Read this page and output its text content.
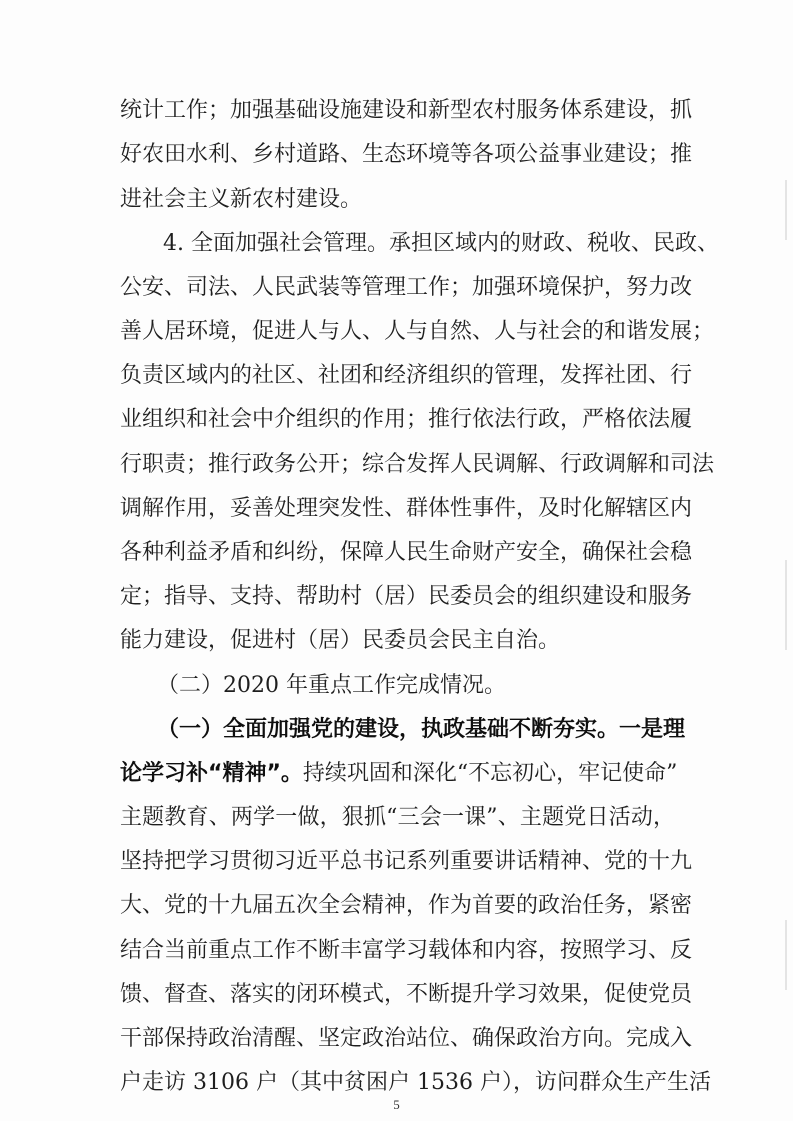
统计工作；加强基础设施建设和新型农村服务体系建设，抓
好农田水利、乡村道路、生态环境等各项公益事业建设；推
进社会主义新农村建设。
4. 全面加强社会管理。承担区域内的财政、税收、民政、
公安、司法、人民武装等管理工作；加强环境保护，努力改
善人居环境，促进人与人、人与自然、人与社会的和谐发展；
负责区域内的社区、社团和经济组织的管理，发挥社团、行
业组织和社会中介组织的作用；推行依法行政，严格依法履
行职责；推行政务公开；综合发挥人民调解、行政调解和司法
调解作用，妥善处理突发性、群体性事件，及时化解辖区内
各种利益矛盾和纠纷，保障人民生命财产安全，确保社会稳
定；指导、支持、帮助村（居）民委员会的组织建设和服务
能力建设，促进村（居）民委员会民主自治。
（二）2020 年重点工作完成情况。
（一）全面加强党的建设，执政基础不断夯实。一是理
论学习补“精神”。 持续巩固和深化“不忘初心，牢记使命”
主题教育、两学一做，狠抓“三会一课”、主题党日活动，
坚持把学习贯彻习近平总书记系列重要讲话精神、党的十九
大、党的十九届五次全会精神，作为首要的政治任务，紧密
结合当前重点工作不断丰富学习载体和内容，按照学习、反
馈、督查、落实的闭环模式，不断提升学习效果，促使党员
干部保持政治清醒、坚定政治站位、确保政治方向。完成入
户走访 3106 户（其中贫困户 1536 户），访问群众生产生活
5
